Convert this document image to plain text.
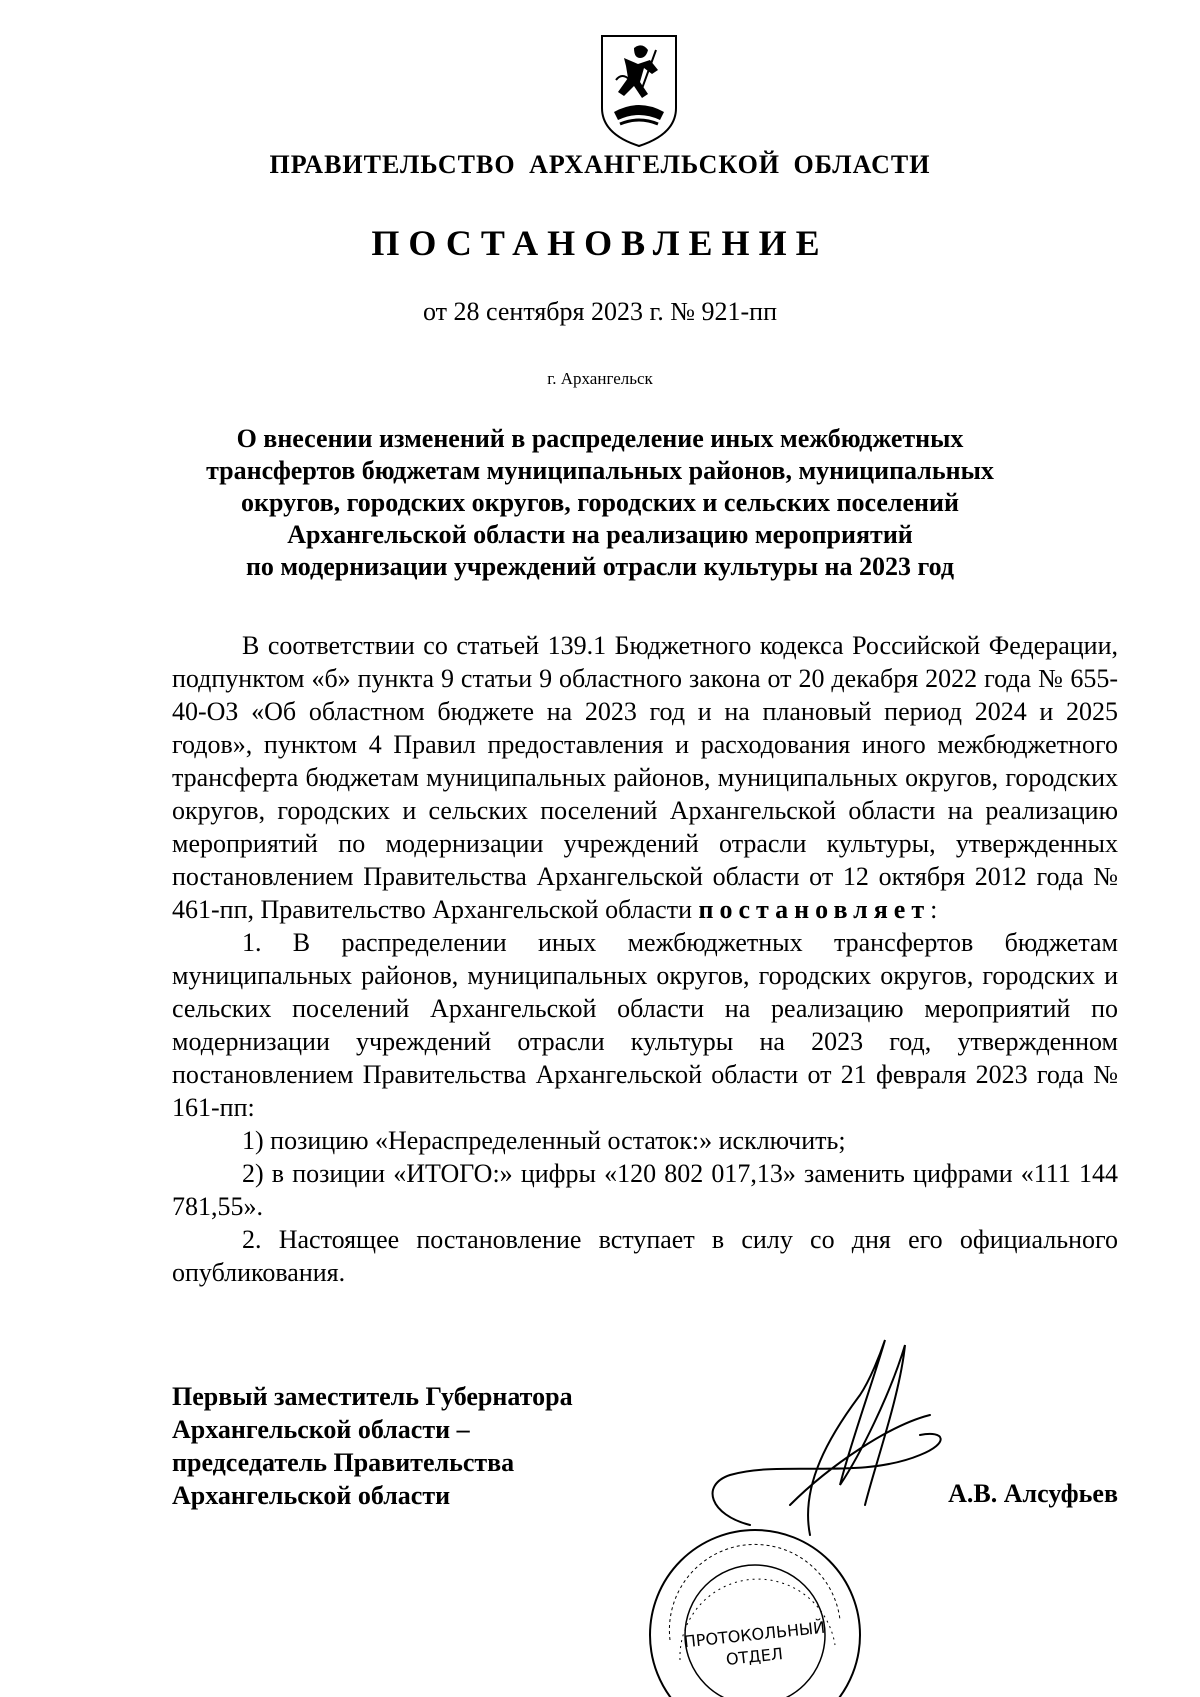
ПРАВИТЕЛЬСТВО АРХАНГЕЛЬСКОЙ ОБЛАСТИ
ПОСТАНОВЛЕНИЕ
от 28 сентября 2023 г. № 921-пп
г. Архангельск
О внесении изменений в распределение иных межбюджетных
трансфертов бюджетам муниципальных районов, муниципальных
округов, городских округов, городских и сельских поселений
Архангельской области на реализацию мероприятий
по модернизации учреждений отрасли культуры на 2023 год

В соответствии со статьей 139.1 Бюджетного кодекса Российской Федерации, подпунктом «б» пункта 9 статьи 9 областного закона от 20 декабря 2022 года № 655-40-ОЗ «Об областном бюджете на 2023 год и на плановый период 2024 и 2025 годов», пунктом 4 Правил предоставления и расходования иного межбюджетного трансферта бюджетам муниципальных районов, муниципальных округов, городских округов, городских и сельских поселений Архангельской области на реализацию мероприятий по модернизации учреждений отрасли культуры, утвержденных постановлением Правительства Архангельской области от 12 октября 2012 года № 461-пп, Правительство Архангельской области постановляет:

1. В распределении иных межбюджетных трансфертов бюджетам муниципальных районов, муниципальных округов, городских округов, городских и сельских поселений Архангельской области на реализацию мероприятий по модернизации учреждений отрасли культуры на 2023 год, утвержденном постановлением Правительства Архангельской области от 21 февраля 2023 года № 161-пп:

1) позицию «Нераспределенный остаток:» исключить;

2) в позиции «ИТОГО:» цифры «120 802 017,13» заменить цифрами «111 144 781,55».

2. Настоящее постановление вступает в силу со дня его официального опубликования.

Первый заместитель Губернатора
Архангельской области –
председатель Правительства
Архангельской области
ПРОТОКОЛЬНЫЙ
ОТДЕЛ
А.В. Алсуфьев
